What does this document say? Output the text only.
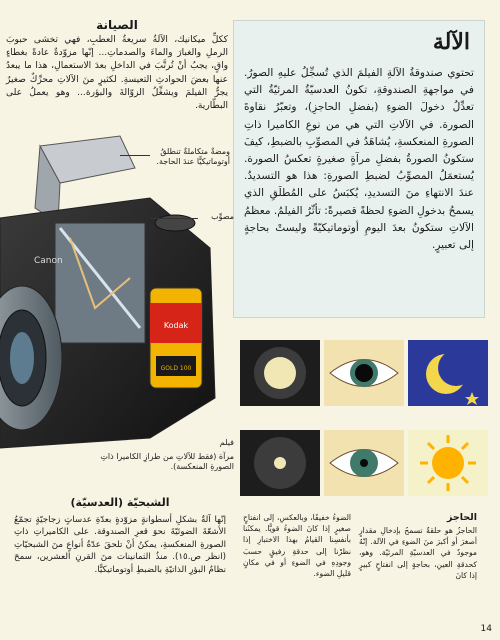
الصيانة
ككلِّ ميكانيك، الآلةُ سريعةُ العطبِ، فهي تخشى حبوبَ الرملِ والغبارَ والماءَ والصدماتِ... إنّها مزوّدةٌ عادةً بغطاءٍ واقٍ، يجبُ أنْ تُرتَّبَ في الداخلِ بعدَ الاستعمالِ، هذا ما يبعدُ عنها بعضَ الحوادثِ التعيسةِ. لكثيرٍ منَ الآلاتِ محرِّكٌ صغيرٌ يجرُّ الفيلمَ ويشغِّلُ الزوّالةَ والبؤرة... وهو يعملُ على البطّارية.
الآلة
تحتوي صندوقةُ الآلةِ الفيلمَ الذي تُسجِّلُ عليهِ الصورُ. في مواجهةِ الصندوقةِ، تكونُ العدسيّةُ المرئيّةُ التي تعدِّلُ دخولَ الضوءِ (بفضلِ الحاجزِ)، وتعبّرُ نقاوةَ الصورة. في الآلاتِ التي هي من نوعِ الكاميرا ذاتِ الصورةِ المنعكسةِ، يُشاهَدُ في المصوِّبِ بالضبطِ، كيفَ ستكونُ الصورةُ بفضلِ مرآةٍ صغيرةٍ تعكسُ الصورة. يُستعمَلُ المصوِّبُ لضبطِ الصورةِ: هذا هو التسديدُ. عندَ الانتهاءِ منَ التسديدِ، يُكبَسُ على المُطلَقِ الذي يسمحُ بدخولِ الضوءِ لحظةً قصيرةً: تأثّرُ الفيلمُ. معظمُ الآلاتِ ستكونُ بعدَ اليومِ أوتوماتيكيّةً وليستْ بحاجةٍ إلى تعبيرٍ.
Kodak
GOLD 100
Canon
ومضةٌ متكاملةٌ تنطلقُ أوتوماتيكيًّا عندَ الحاجة.
مصوِّب
فيلم
مرآة (فقط للآلاتِ من طرازِ الكاميرا ذاتِ الصورةِ المنعكسة).
الشبحيّة (العدسيّة)
إنّها آلةٌ بشكلِ أسطوانةٍ مزوّدةٍ بعدّةِ عدساتٍ زجاجيّةٍ تجمّعُ الأشعّةَ الضوئيّةَ نحوَ قعرِ الصندوقة. على الكاميراتِ ذاتِ الصورةِ المنعكسةِ، يمكنُ أنْ تلحقَ عدّةُ أنواعٍ منَ الشبحيّاتِ (انظر ص.١٥). منذُ الثمانينات منَ القرنِ العشرين، سمحَ نظامُ البؤرِ الذاتيّةِ بالضبطِ أوتوماتيكيًّا.
الضوءُ خفيفًا، وبالعكسِ، إلى انفتاحٍ صغيرٍ إذا كانَ الضوءُ قويًّا. يمكنُنا بأنفسِنا القيامُ بهذا الاختبارِ إذا نظرْنا إلى حدقةِ رفيقٍ حسبَ وجودِهِ في الضوءِ أو في مكانٍ قليلِ الضوء.
الحاجز
الحاجزُ هو حلقةٌ تسمحُ بإدخالِ مقدارٍ أصغرَ أو أكبرَ منَ الضوءِ في الآلة. إنّهُ موجودٌ في العدسيّةِ المرئيّة. وهو، كحدقةِ العينِ، بحاجةٍ إلى انفتاحٍ كبيرٍ إذا كانَ
14
